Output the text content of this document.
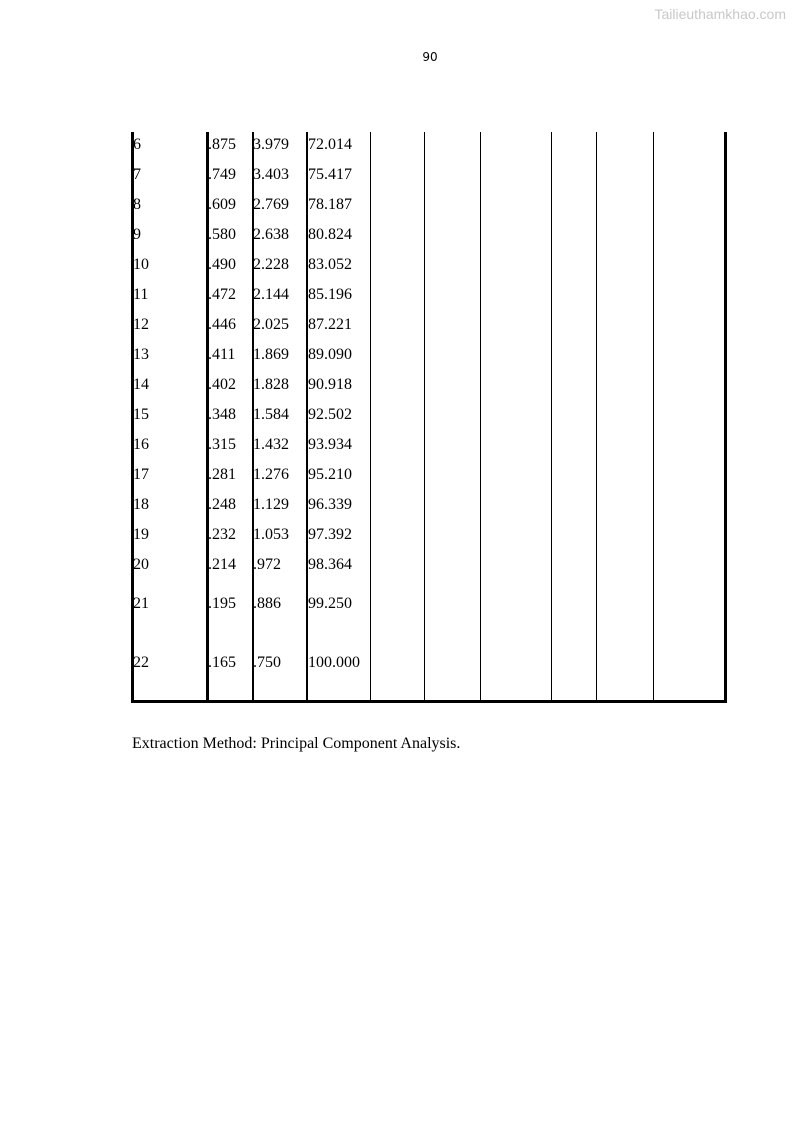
Tailieuthamkhao.com
90
6	.875 3.979 72.014
7	.749 3.403 75.417
8	.609 2.769 78.187
9	.580 2.638 80.824
10	.490 2.228 83.052
11	.472 2.144 85.196
12	.446 2.025 87.221
13	.411 1.869 89.090
14	.402 1.828 90.918
15	.348 1.584 92.502
16	.315 1.432 93.934
17	.281 1.276 95.210
18	.248 1.129 96.339
19	.232 1.053 97.392
20	.214 .972 98.364
21	.195 .886 99.250
22	.165 .750 100.000
Extraction Method: Principal Component Analysis.
